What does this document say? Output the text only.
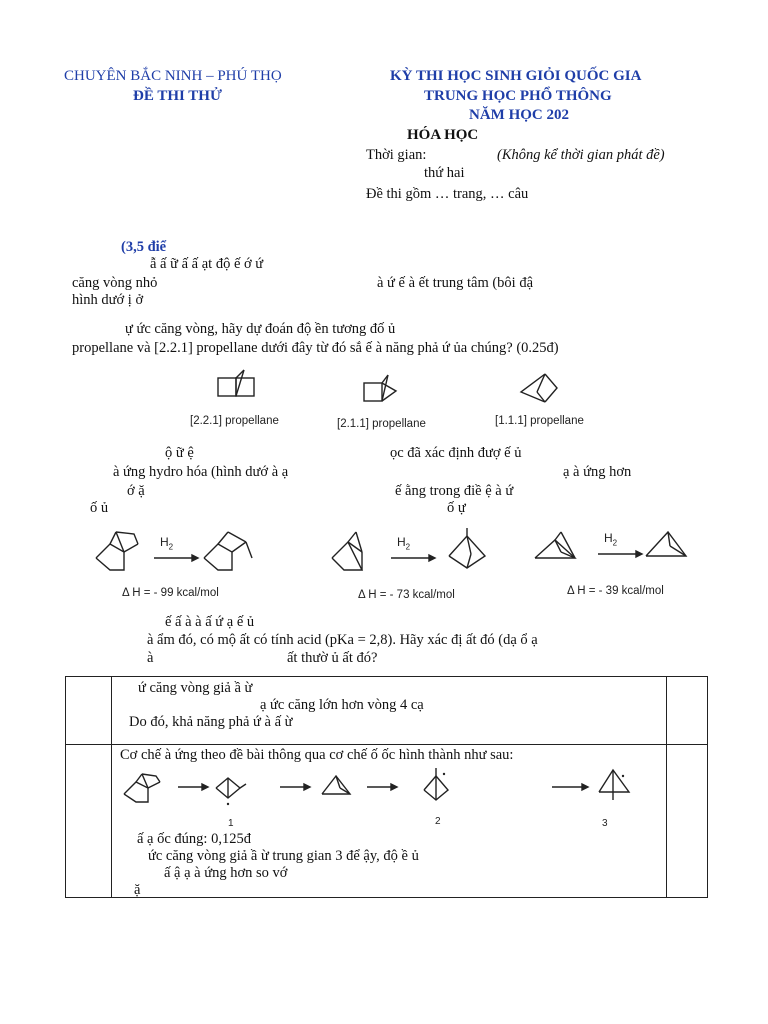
CHUYÊN BẮC NINH – PHÚ THỌ
ĐỀ THI THỬ
KỲ THI HỌC SINH GIỎI QUỐC GIA
TRUNG HỌC PHỔ THÔNG
NĂM HỌC 202
HÓA HỌC
Thời gian:	(Không kể thời gian phát đề)
thứ hai
Đề thi gồm … trang, … câu
(3,5 điể
ẫ ấ ữ ấ ấ ạt độ ế ớ ứ
căng vòng nhỏ	à ứ ế à ết trung tâm (bôi đậ
hình dướ ị ở
ự ức căng vòng, hãy dự đoán độ ền tương đố ủ
propellane và [2.2.1] propellane dưới đây từ đó sắ ế à năng phả ứ ủa chúng? (0.25đ)
[2.2.1] propellane	[2.1.1] propellane	[1.1.1] propellane
ộ ữ ệ	ọc đã xác định đượ ế ủ
à ứng hydro hóa (hình dướ à ạ	ạ à ứng hơn
ớ ặ	ế ằng trong điề ệ à ứ
ố ủ	ố ự
$H_2$	$H_2$
$H_2$
Δ H = - 99 kcal/mol	Δ H = - 73 kcal/mol	Δ H = - 39 kcal/mol
ế ấ à à ấ ứ ạ ế ủ
à ẩm đó, có mộ ất có tính acid (pKa = 2,8). Hãy xác đị ất đó (dạ ổ ạ
à	ất thườ ủ ất đó?
ứ căng vòng giả ầ ừ
ạ ức căng lớn hơn vòng 4 cạ
Do đó, khả năng phả ứ à ấ ừ
Cơ chế à ứng theo đề bài thông qua cơ chế ố ốc hình thành như sau:
1	2	3
ấ ạ ốc đúng: 0,125đ
ức căng vòng giả ầ ừ trung gian 3 để ậy, độ ề ủ
ấ ậ ạ à ứng hơn so vớ
ặ
